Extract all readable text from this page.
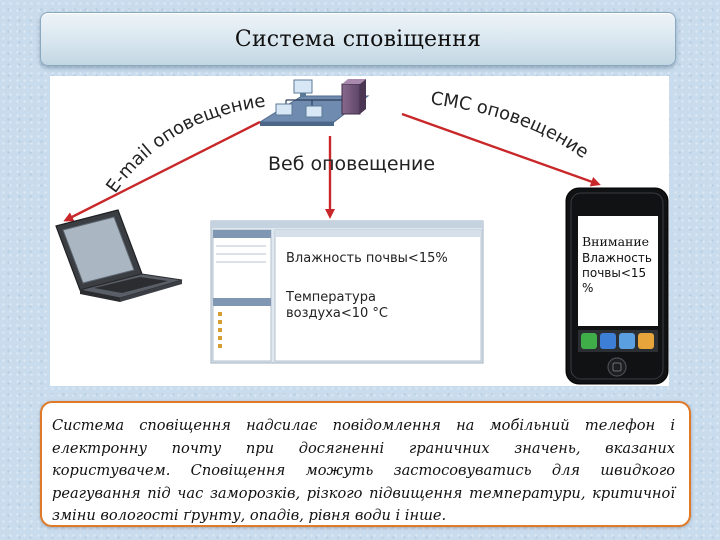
Система сповіщення
E-mail оповещение
Веб оповещение
СМС оповещение
Влажность почвы<15%
Температура
воздуха<10 °C
Внимание
Влажность
почвы<15
%

Система сповіщення надсилає повідомлення на мобільний телефон і електронну почту при досягненні граничних значень, вказаних користувачем. Сповіщення можуть застосовуватись для швидкого реагування під час заморозків, різкого підвищення температури, критичної зміни вологості ґрунту, опадів, рівня води і інше.
